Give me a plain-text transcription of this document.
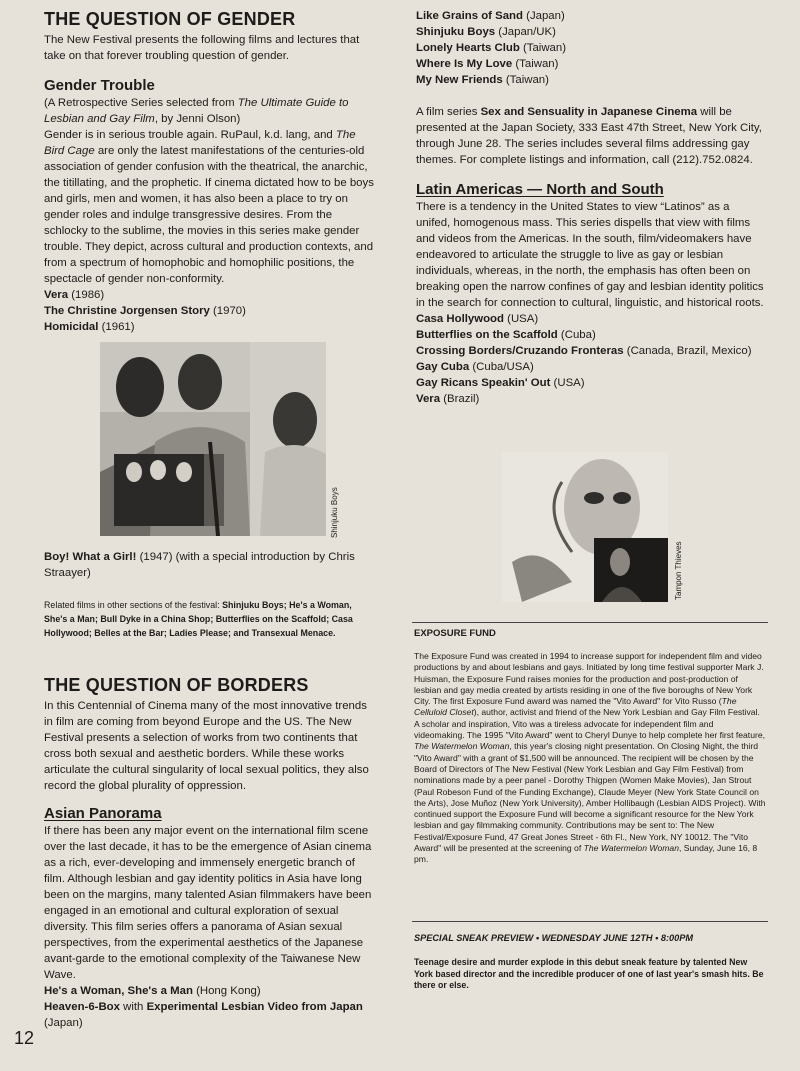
THE QUESTION OF GENDER

The New Festival presents the following films and lectures that take on that forever troubling question of gender.

Gender Trouble

(A Retrospective Series selected from The Ultimate Guide to Lesbian and Gay Film, by Jenni Olson)

Gender is in serious trouble again. RuPaul, k.d. lang, and The Bird Cage are only the latest manifestations of the centuries-old association of gender confusion with the theatrical, the anarchic, the titillating, and the prophetic. If cinema dictated how to be boys and girls, men and women, it has also been a place to try on gender roles and indulge transgressive desires. From the schlocky to the sublime, the movies in this series make gender trouble. They depict, across cultural and production contexts, and from a spectrum of homophobic and homophilic positions, the spectacle of gender non-conformity.

Vera (1986)
The Christine Jorgensen Story (1970)
Homicidal (1961)
Shinjuku Boys

Boy! What a Girl! (1947) (with a special introduction by Chris Straayer)

Related films in other sections of the festival: Shinjuku Boys; He's a Woman, She's a Man; Bull Dyke in a China Shop; Butterflies on the Scaffold; Casa Hollywood; Belles at the Bar; Ladies Please; and Transexual Menace.
THE QUESTION OF BORDERS

In this Centennial of Cinema many of the most innovative trends in film are coming from beyond Europe and the US. The New Festival presents a selection of works from two continents that cross both sexual and aesthetic borders. While these works articulate the cultural singularity of local sexual politics, they also record the global plurality of oppression.

Asian Panorama

If there has been any major event on the international film scene over the last decade, it has to be the emergence of Asian cinema as a rich, ever-developing and immensely energetic branch of film. Although lesbian and gay identity politics in Asia have long been on the margins, many talented Asian filmmakers have been engaged in an emotional and cultural exploration of sexual diversity. This film series offers a panorama of Asian sexual perspectives, from the experimental aesthetics of the Japanese avant-garde to the emotional complexity of the Taiwanese New Wave.

He's a Woman, She's a Man (Hong Kong)
Heaven-6-Box with Experimental Lesbian Video from Japan (Japan)
12
Like Grains of Sand (Japan)
Shinjuku Boys (Japan/UK)
Lonely Hearts Club (Taiwan)
Where Is My Love (Taiwan)
My New Friends (Taiwan)

A film series Sex and Sensuality in Japanese Cinema will be presented at the Japan Society, 333 East 47th Street, New York City, through June 28. The series includes several films addressing gay themes. For complete listings and information, call (212).752.0824.

Latin Americas — North and South

There is a tendency in the United States to view “Latinos” as a unifed, homogenous mass. This series dispells that view with films and videos from the Americas. In the south, film/videomakers have endeavored to articulate the struggle to live as gay or lesbian individuals, whereas, in the north, the emphasis has often been on breaking open the narrow confines of gay and lesbian identity politics in the search for connection to cultural, linguistic, and historical roots.

Casa Hollywood (USA)
Butterflies on the Scaffold (Cuba)
Crossing Borders/Cruzando Fronteras (Canada, Brazil, Mexico)
Gay Cuba (Cuba/USA)
Gay Ricans Speakin' Out (USA)
Vera (Brazil)
Tampon Thieves
EXPOSURE FUND
The Exposure Fund was created in 1994 to increase support for independent film and video productions by and about lesbians and gays. Initiated by long time festival supporter Mark J. Huisman, the Exposure Fund raises monies for the production and post-production of lesbian and gay media created by artists residing in one of the five boroughs of New York City. The first Exposure Fund award was named the "Vito Award" for Vito Russo (The Celluloid Closet), author, activist and friend of the New York Lesbian and Gay Film Festival. A scholar and inspiration, Vito was a tireless advocate for independent film and videomaking. The 1995 "Vito Award" went to Cheryl Dunye to help complete her first feature, The Watermelon Woman, this year's closing night presentation. On Closing Night, the third "Vito Award" with a grant of $1,500 will be announced. The recipient will be chosen by the Board of Directors of The New Festival (New York Lesbian and Gay Film Festival) from nominations made by a peer panel - Dorothy Thigpen (Women Make Movies), Jan Strout (Paul Robeson Fund of the Funding Exchange), Claude Meyer (New York State Council on the Arts), Jose Muñoz (New York University), Amber Hollibaugh (Lesbian AIDS Project). With continued support the Exposure Fund will become a significant resource for the New York lesbian and gay filmmaking community. Contributions may be sent to: The New Festival/Exposure Fund, 47 Great Jones Street - 6th Fl., New York, NY 10012. The "Vito Award" will be presented at the screening of The Watermelon Woman, Sunday, June 16, 8 pm.
SPECIAL SNEAK PREVIEW • WEDNESDAY JUNE 12TH • 8:00PM
Teenage desire and murder explode in this debut sneak feature by talented New York based director and the incredible producer of one of last year's smash hits. Be there or else.
